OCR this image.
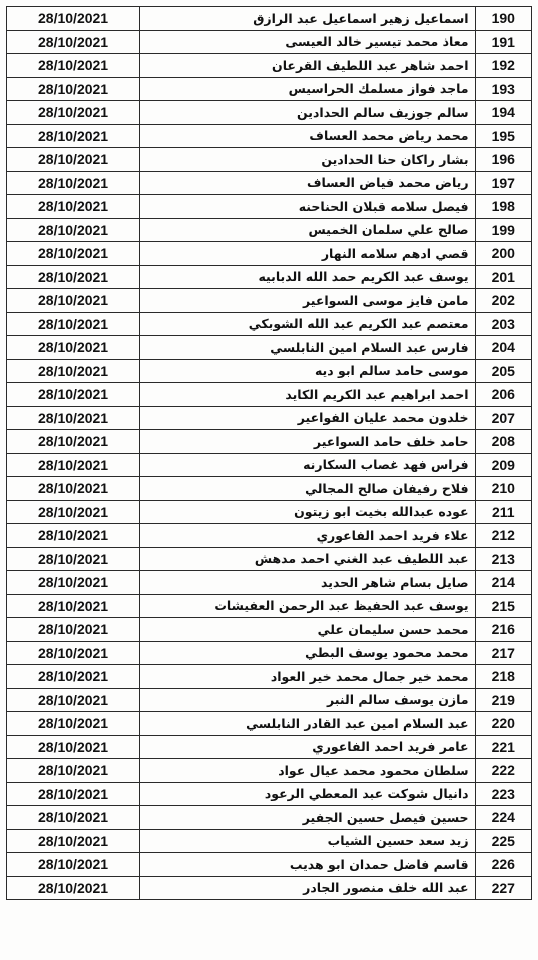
28/10/2021	اسماعيل زهير اسماعيل عبد الرازق	190
28/10/2021	معاذ محمد تيسير خالد العيسى	191
28/10/2021	احمد شاهر عبد اللطيف القرعان	192
28/10/2021	ماجد فواز مسلمك الحراسيس	193
28/10/2021	سالم جوزيف سالم الحدادين	194
28/10/2021	محمد رياض محمد العساف	195
28/10/2021	بشار راكان حنا الحدادين	196
28/10/2021	رياض محمد فياض العساف	197
28/10/2021	فيصل سلامه قبلان الحناحنه	198
28/10/2021	صالح علي سلمان الخميس	199
28/10/2021	قصي ادهم سلامه النهار	200
28/10/2021	يوسف عبد الكريم حمد الله الدبابيه	201
28/10/2021	مامن فايز موسى السواعير	202
28/10/2021	معتصم عبد الكريم عبد الله الشوبكي	203
28/10/2021	فارس عبد السلام امين النابلسي	204
28/10/2021	موسى حامد سالم ابو ديه	205
28/10/2021	احمد ابراهيم عبد الكريم الكايد	206
28/10/2021	خلدون محمد عليان الفواعير	207
28/10/2021	حامد خلف حامد السواعير	208
28/10/2021	فراس فهد غصاب السكارنه	209
28/10/2021	فلاح رفيفان صالح المجالي	210
28/10/2021	عوده عبدالله بخيت ابو زيتون	211
28/10/2021	علاء فريد احمد الفاعوري	212
28/10/2021	عبد اللطيف عبد الغني احمد مدهش	213
28/10/2021	صايل بسام شاهر الحديد	214
28/10/2021	يوسف عبد الحفيظ عبد الرحمن العفيشات	215
28/10/2021	محمد حسن سليمان علي	216
28/10/2021	محمد محمود يوسف البطي	217
28/10/2021	محمد خير جمال محمد خير العواد	218
28/10/2021	مازن يوسف سالم النبر	219
28/10/2021	عبد السلام امين عبد القادر النابلسي	220
28/10/2021	عامر فريد احمد الفاعوري	221
28/10/2021	سلطان محمود محمد عيال عواد	222
28/10/2021	دانيال شوكت عبد المعطي الرعود	223
28/10/2021	حسين فيصل حسين الجفير	224
28/10/2021	زيد سعد حسين الشياب	225
28/10/2021	قاسم فاضل حمدان ابو هديب	226
28/10/2021	عبد الله خلف منصور الجادر	227
